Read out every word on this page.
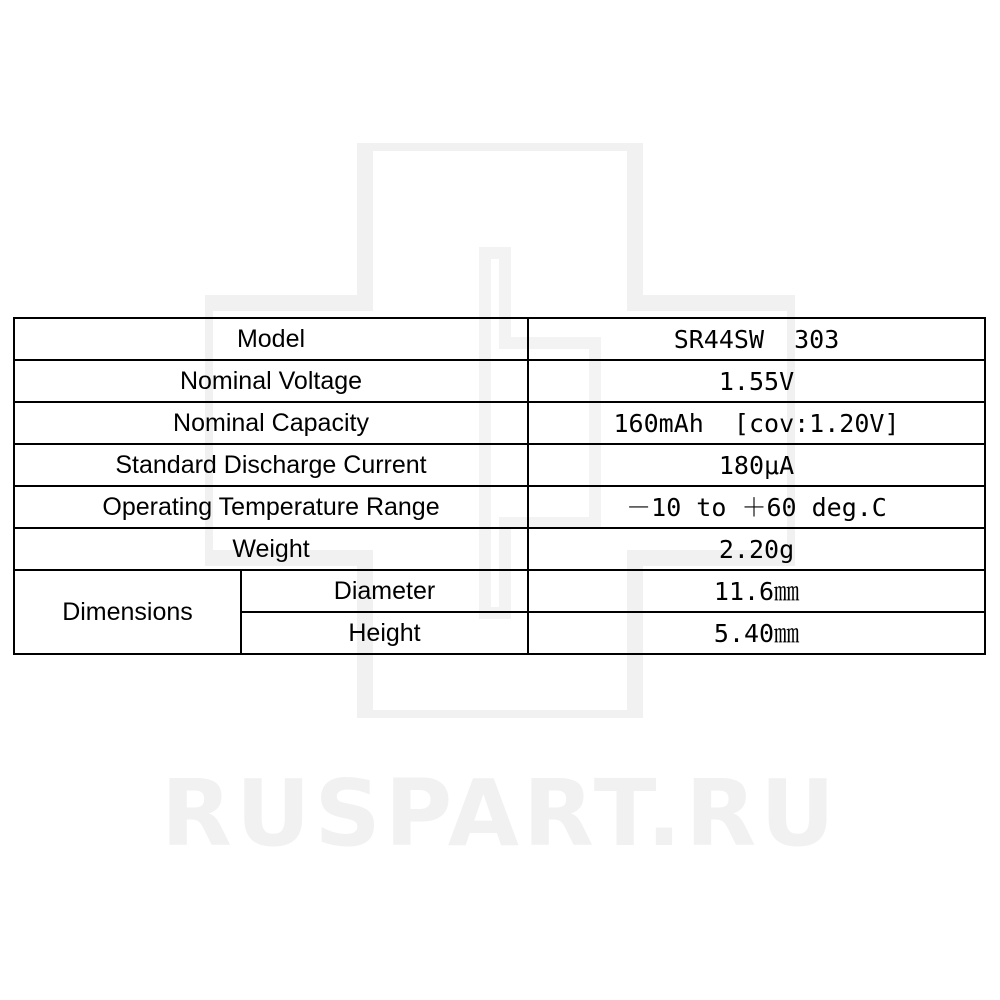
RUSPART.RU
Model		SR44SW  303
Nominal Voltage		1.55V
Nominal Capacity		160mAh  [cov:1.20V]
Standard Discharge Current		180μA
Operating Temperature Range		－10 to ＋60 deg.C
Weight		2.20g
Dimensions	Diameter	11.6㎜
	Height	5.40㎜
